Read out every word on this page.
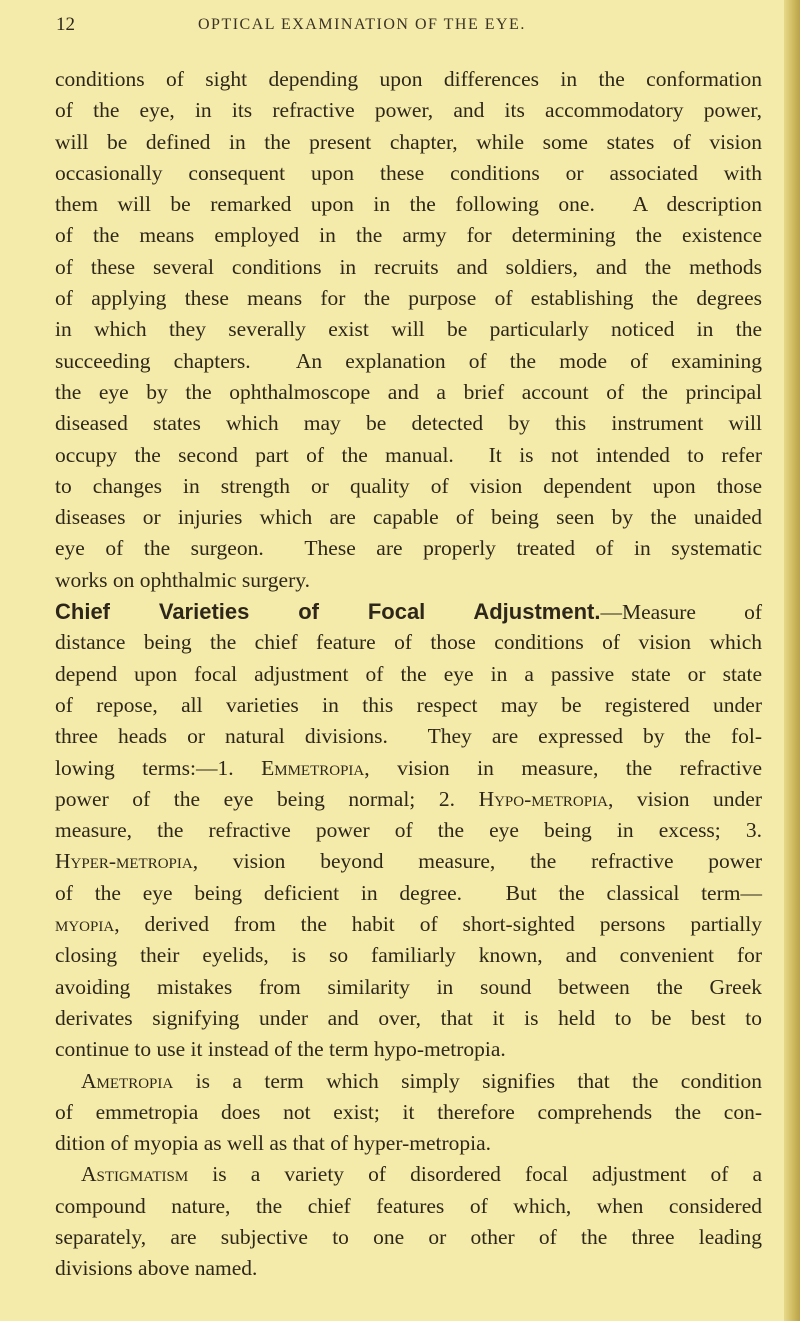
12	OPTICAL EXAMINATION OF THE EYE.
conditions of sight depending upon differences in the conformation
of the eye, in its refractive power, and its accommodatory power,
will be defined in the present chapter, while some states of vision
occasionally consequent upon these conditions or associated with
them will be remarked upon in the following one.  A description
of the means employed in the army for determining the existence
of these several conditions in recruits and soldiers, and the methods
of applying these means for the purpose of establishing the degrees
in which they severally exist will be particularly noticed in the
succeeding chapters.  An explanation of the mode of examining
the eye by the ophthalmoscope and a brief account of the principal
diseased states which may be detected by this instrument will
occupy the second part of the manual.  It is not intended to refer
to changes in strength or quality of vision dependent upon those
diseases or injuries which are capable of being seen by the unaided
eye of the surgeon.  These are properly treated of in systematic
works on ophthalmic surgery.
Chief Varieties of Focal Adjustment.—Measure of
distance being the chief feature of those conditions of vision which
depend upon focal adjustment of the eye in a passive state or state
of repose, all varieties in this respect may be registered under
three heads or natural divisions.  They are expressed by the fol-
lowing terms:—1. Emmetropia, vision in measure, the refractive
power of the eye being normal; 2. Hypo-metropia, vision under
measure, the refractive power of the eye being in excess; 3.
Hyper-metropia, vision beyond measure, the refractive power
of the eye being deficient in degree.  But the classical term—
myopia, derived from the habit of short-sighted persons partially
closing their eyelids, is so familiarly known, and convenient for
avoiding mistakes from similarity in sound between the Greek
derivates signifying under and over, that it is held to be best to
continue to use it instead of the term hypo-metropia.
Ametropia is a term which simply signifies that the condition
of emmetropia does not exist; it therefore comprehends the con-
dition of myopia as well as that of hyper-metropia.
Astigmatism is a variety of disordered focal adjustment of a
compound nature, the chief features of which, when considered
separately, are subjective to one or other of the three leading
divisions above named.
